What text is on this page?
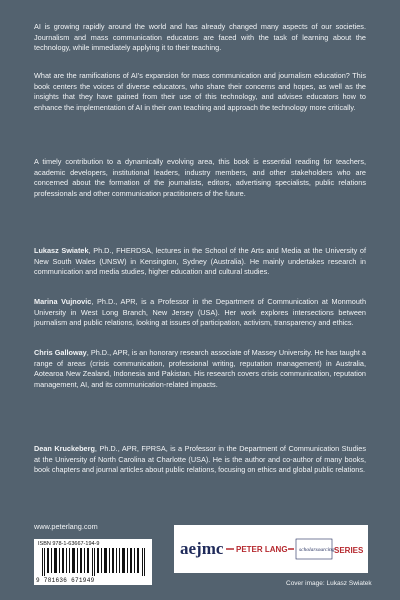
AI is growing rapidly around the world and has already changed many aspects of our societies. Journalism and mass communication educators are faced with the task of learning about the technology, while immediately applying it to their teaching.

What are the ramifications of AI's expansion for mass communication and journalism education? This book centers the voices of diverse educators, who share their concerns and hopes, as well as the insights that they have gained from their use of this technology, and advises educators how to enhance the implementation of AI in their own teaching and approach the technology more critically.

A timely contribution to a dynamically evolving area, this book is essential reading for teachers, academic developers, institutional leaders, industry members, and other stakeholders who are concerned about the formation of the journalists, editors, advertising specialists, public relations professionals and other communication practitioners of the future.

Lukasz Swiatek, Ph.D., FHERDSA, lectures in the School of the Arts and Media at the University of New South Wales (UNSW) in Kensington, Sydney (Australia). He mainly undertakes research in communication and media studies, higher education and cultural studies.
Marina Vujnovic, Ph.D., APR, is a Professor in the Department of Communication at Monmouth University in West Long Branch, New Jersey (USA). Her work explores intersections between journalism and public relations, looking at issues of participation, activism, transparency and ethics.
Chris Galloway, Ph.D., APR, is an honorary research associate of Massey University. He has taught a range of areas (crisis communication, professional writing, reputation management) in Australia, Aotearoa New Zealand, Indonesia and Pakistan. His research covers crisis communication, reputation management, AI, and its communication-related impacts.
Dean Kruckeberg, Ph.D., APR, FPRSA, is a Professor in the Department of Communication Studies at the University of North Carolina at Charlotte (USA). He is the author and co-author of many books, book chapters and journal articles about public relations, focusing on ethics and global public relations.
www.peterlang.com
ISBN 978-1-63667-194-9
9 781636 671949
aejmc PETER LANG scholarsourcing SERIES
Cover image: Lukasz Swiatek
